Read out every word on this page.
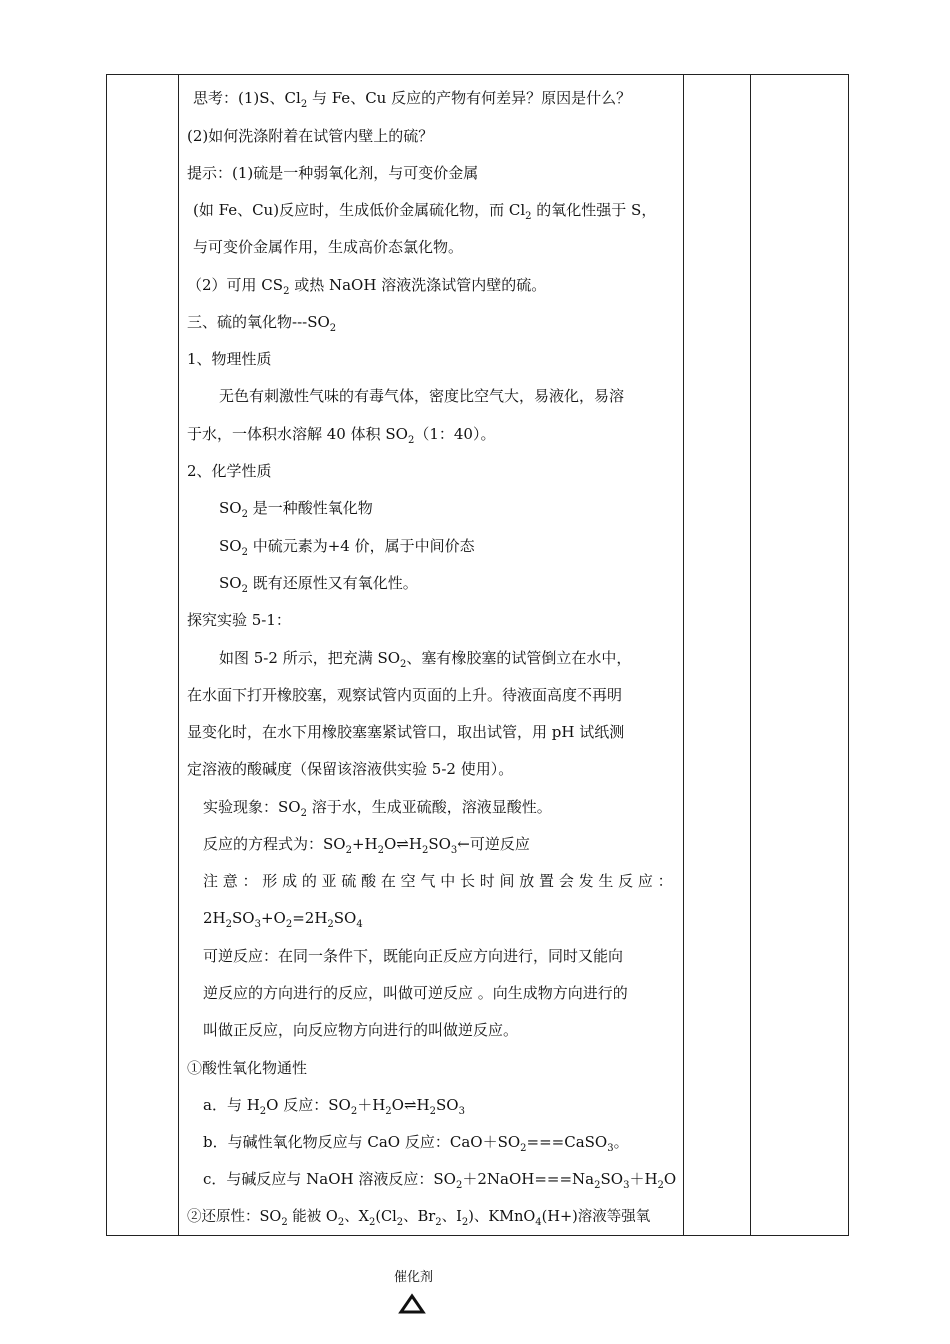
思考：(1)S、$Cl_2$ 与 Fe、Cu 反应的产物有何差异？原因是什么？
(2)如何洗涤附着在试管内壁上的硫？
提示：(1)硫是一种弱氧化剂，与可变价金属
(如 Fe、Cu)反应时，生成低价金属硫化物，而 $Cl_2$ 的氧化性强于 S，
与可变价金属作用，生成高价态氯化物。
（2）可用 $CS_2$ 或热 NaOH 溶液洗涤试管内壁的硫。
三、硫的氧化物$---SO_2$
1、物理性质
无色有刺激性气味的有毒气体，密度比空气大，易液化，易溶
于水，一体积水溶解 40 体积 $SO_2(1$：40）。
2、化学性质
$SO_2$ 是一种酸性氧化物
$SO_2$ 中硫元素为+4 价，属于中间价态
$SO_2$ 既有还原性又有氧化性。
探究实验 5-1：
如图 5-2 所示，把充满 $SO_2$、塞有橡胶塞的试管倒立在水中，
在水面下打开橡胶塞，观察试管内页面的上升。待液面高度不再明
显变化时，在水下用橡胶塞塞紧试管口，取出试管，用 pH 试纸测
定溶液的酸碱度（保留该溶液供实验 5-2 使用）。
实验现象：$SO_2$ 溶于水，生成亚硫酸，溶液显酸性。
反应的方程式为：$SO_2+H_2O\rightleftharpoons H_2SO_3\leftarrow$可逆反应
注 意 ： 形 成 的 亚 硫 酸 在 空 气 中 长 时 间 放 置 会 发 生 反 应 ：
$2H_2SO_3+O_2=2H_2SO_4$
可逆反应：在同一条件下，既能向正反应方向进行，同时又能向
逆反应的方向进行的反应，叫做可逆反应 。向生成物方向进行的
叫做正反应，向反应物方向进行的叫做逆反应。
①酸性氧化物通性
a．与 $H_2O$ 反应：$SO_2+H_2O\rightleftharpoons H_2SO_3$
b．与碱性氧化物反应与 CaO 反应：$CaO+SO_2===CaSO_3$。
c．与碱反应与 NaOH 溶液反应：$SO_2+2NaOH===Na_2SO_3+H_2O$
②还原性：$SO_2$ 能被 $O_2$、$X_2(Cl_2$、$Br_2$、$I_2$)、KMnO$_4$(H+)溶液等强氧
催化剂
